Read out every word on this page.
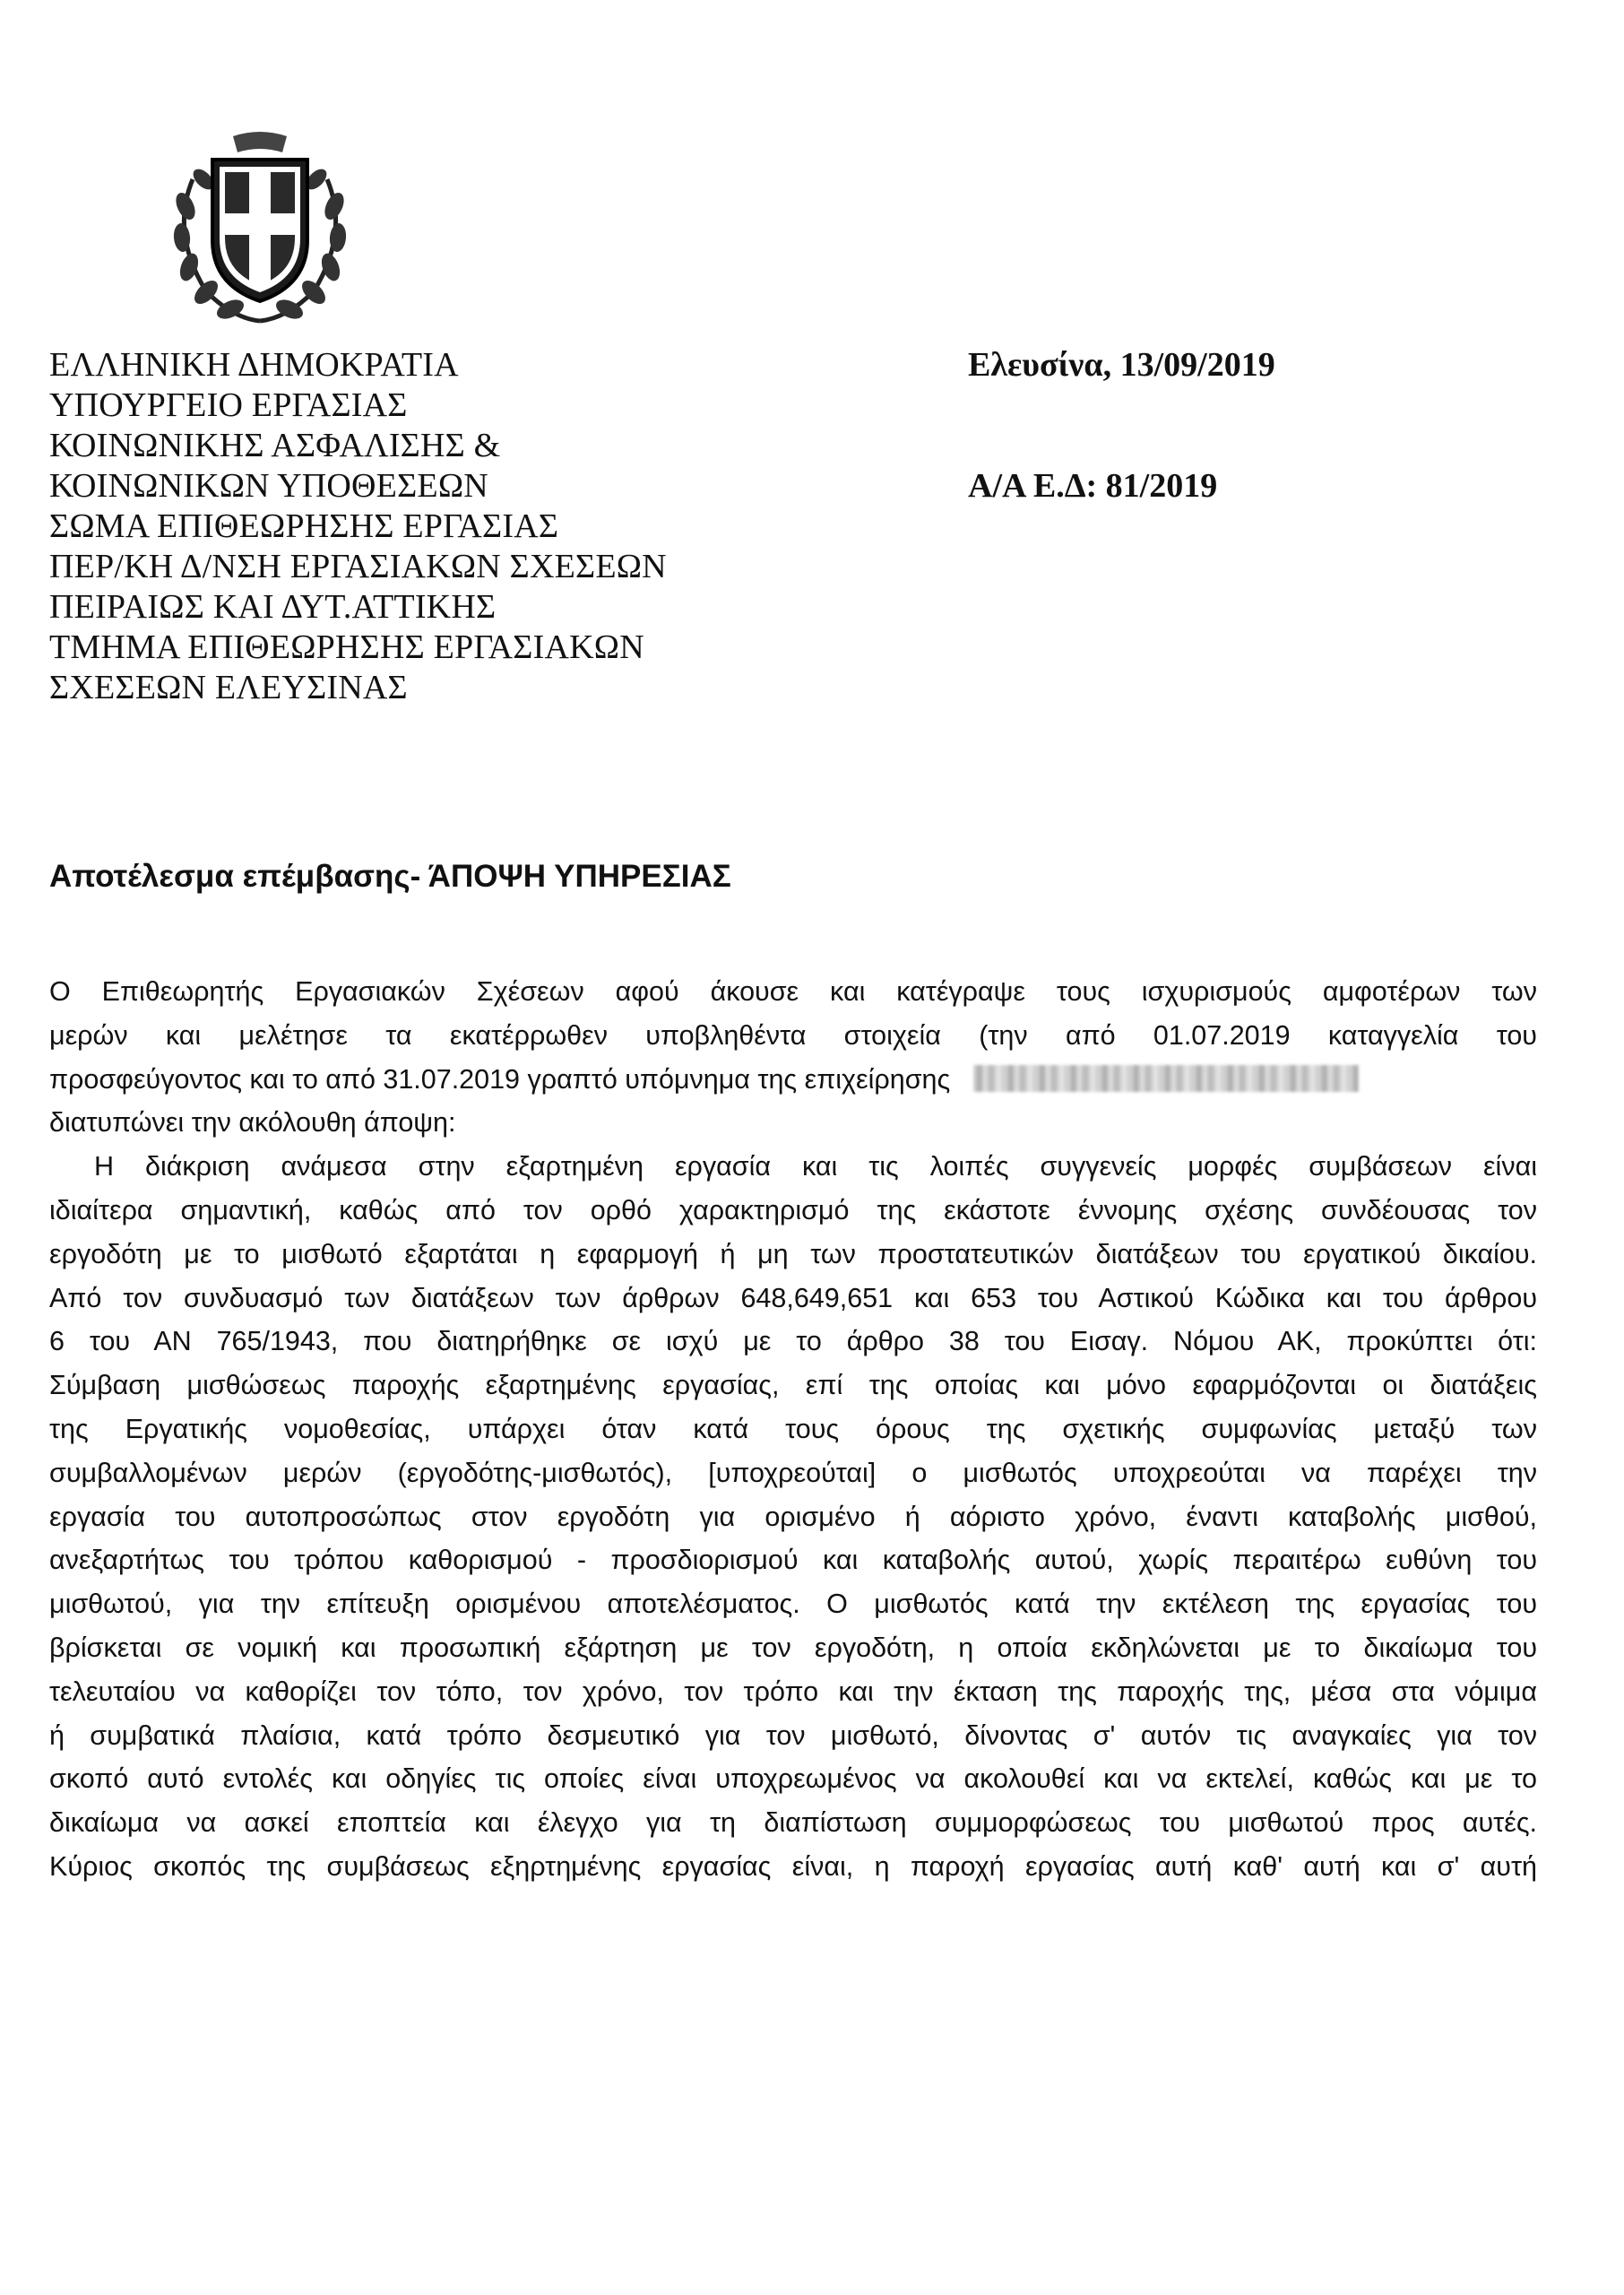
ΕΛΛΗΝΙΚΗ ΔΗΜΟΚΡΑΤΙΑ
ΥΠΟΥΡΓΕΙΟ ΕΡΓΑΣΙΑΣ
ΚΟΙΝΩΝΙΚΗΣ ΑΣΦΑΛΙΣΗΣ &
ΚΟΙΝΩΝΙΚΩΝ ΥΠΟΘΕΣΕΩΝ
ΣΩΜΑ ΕΠΙΘΕΩΡΗΣΗΣ ΕΡΓΑΣΙΑΣ
ΠΕΡ/ΚΗ Δ/ΝΣΗ ΕΡΓΑΣΙΑΚΩΝ ΣΧΕΣΕΩΝ
ΠΕΙΡΑΙΩΣ ΚΑΙ ΔΥΤ.ΑΤΤΙΚΗΣ
ΤΜΗΜΑ ΕΠΙΘΕΩΡΗΣΗΣ ΕΡΓΑΣΙΑΚΩΝ
ΣΧΕΣΕΩΝ ΕΛΕΥΣΙΝΑΣ
Ελευσίνα, 13/09/2019
Α/Α Ε.Δ: 81/2019
Αποτέλεσμα επέμβασης- ΆΠΟΨΗ ΥΠΗΡΕΣΙΑΣ
Ο Επιθεωρητής Εργασιακών Σχέσεων αφού άκουσε και κατέγραψε τους ισχυρισμούς αμφοτέρων των
μερών και μελέτησε τα εκατέρρωθεν υποβληθέντα στοιχεία (την από 01.07.2019 καταγγελία του
προσφεύγοντος και το από 31.07.2019 γραπτό υπόμνημα της επιχείρησης
διατυπώνει την ακόλουθη άποψη:
Η διάκριση ανάμεσα στην εξαρτημένη εργασία και τις λοιπές συγγενείς μορφές συμβάσεων είναι
ιδιαίτερα σημαντική, καθώς από τον ορθό χαρακτηρισμό της εκάστοτε έννομης σχέσης συνδέουσας τον
εργοδότη με το μισθωτό εξαρτάται η εφαρμογή ή μη των προστατευτικών διατάξεων του εργατικού δικαίου.
Από τον συνδυασμό των διατάξεων των άρθρων 648,649,651 και 653 του Αστικού Κώδικα και του άρθρου
6 του ΑΝ 765/1943, που διατηρήθηκε σε ισχύ με το άρθρο 38 του Εισαγ. Νόμου ΑΚ, προκύπτει ότι:
Σύμβαση μισθώσεως παροχής εξαρτημένης εργασίας, επί της οποίας και μόνο εφαρμόζονται οι διατάξεις
της Εργατικής νομοθεσίας, υπάρχει όταν κατά τους όρους της σχετικής συμφωνίας μεταξύ των
συμβαλλομένων μερών (εργοδότης-μισθωτός), [υποχρεούται] ο μισθωτός υποχρεούται να παρέχει την
εργασία του αυτοπροσώπως στον εργοδότη για ορισμένο ή αόριστο χρόνο, έναντι καταβολής μισθού,
ανεξαρτήτως του τρόπου καθορισμού - προσδιορισμού και καταβολής αυτού, χωρίς περαιτέρω ευθύνη του
μισθωτού, για την επίτευξη ορισμένου αποτελέσματος. Ο μισθωτός κατά την εκτέλεση της εργασίας του
βρίσκεται σε νομική και προσωπική εξάρτηση με τον εργοδότη, η οποία εκδηλώνεται με το δικαίωμα του
τελευταίου να καθορίζει τον τόπο, τον χρόνο, τον τρόπο και την έκταση της παροχής της, μέσα στα νόμιμα
ή συμβατικά πλαίσια, κατά τρόπο δεσμευτικό για τον μισθωτό, δίνοντας σ' αυτόν τις αναγκαίες για τον
σκοπό αυτό εντολές και οδηγίες τις οποίες είναι υποχρεωμένος να ακολουθεί και να εκτελεί, καθώς και με το
δικαίωμα να ασκεί εποπτεία και έλεγχο για τη διαπίστωση συμμορφώσεως του μισθωτού προς αυτές.
Κύριος σκοπός της συμβάσεως εξηρτημένης εργασίας είναι, η παροχή εργασίας αυτή καθ' αυτή και σ' αυτή
